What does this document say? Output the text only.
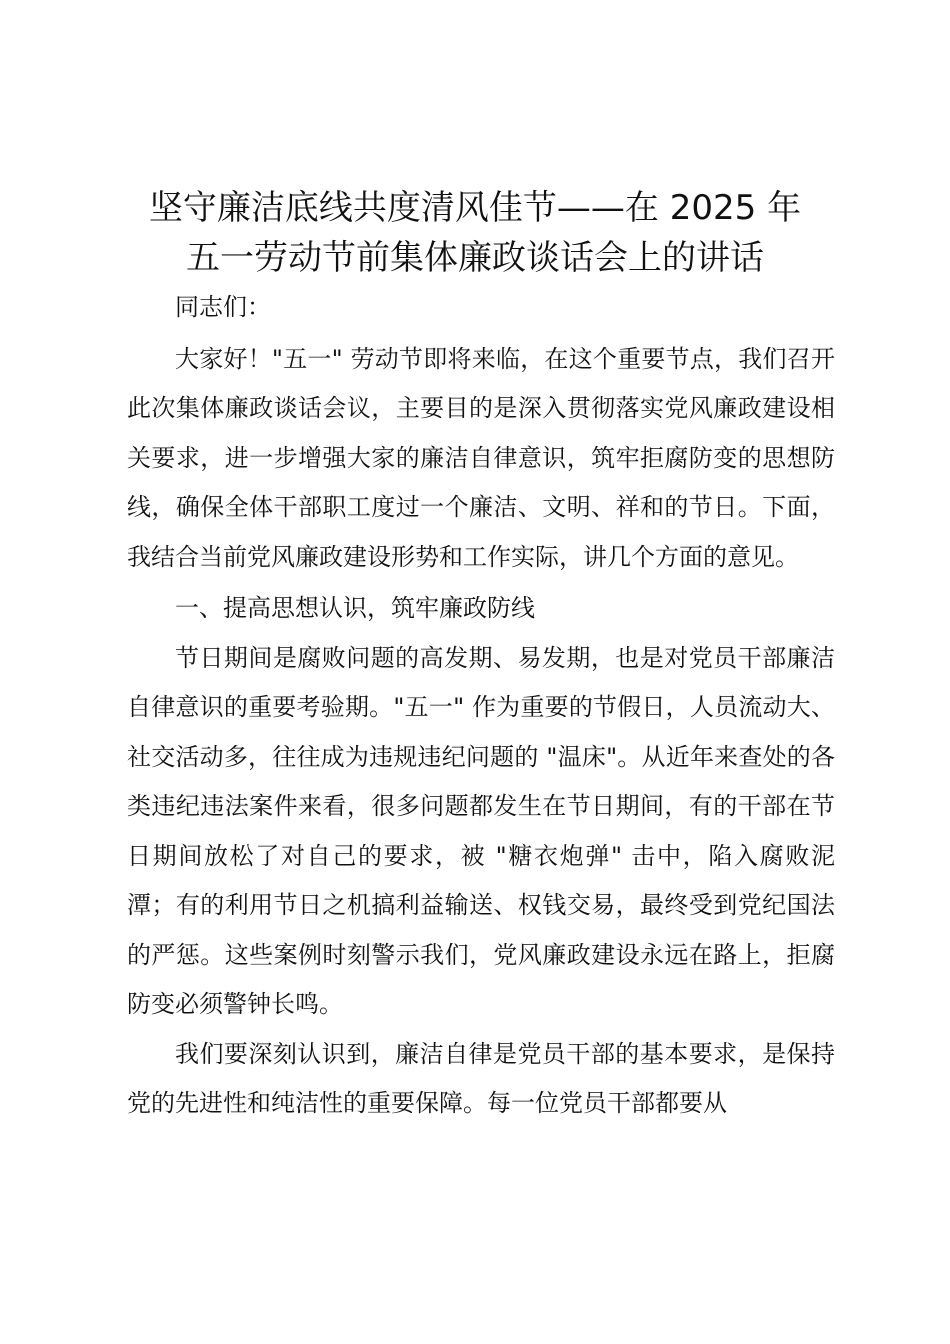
坚守廉洁底线共度清风佳节——在 2025 年
五一劳动节前集体廉政谈话会上的讲话

同志们：

大家好！"五一" 劳动节即将来临，在这个重要节点，我们召开此次集体廉政谈话会议，主要目的是深入贯彻落实党风廉政建设相关要求，进一步增强大家的廉洁自律意识，筑牢拒腐防变的思想防线，确保全体干部职工度过一个廉洁、文明、祥和的节日。下面，我结合当前党风廉政建设形势和工作实际，讲几个方面的意见。

一、提高思想认识，筑牢廉政防线

节日期间是腐败问题的高发期、易发期，也是对党员干部廉洁自律意识的重要考验期。"五一" 作为重要的节假日，人员流动大、社交活动多，往往成为违规违纪问题的 "温床"。从近年来查处的各类违纪违法案件来看，很多问题都发生在节日期间，有的干部在节日期间放松了对自己的要求，被 "糖衣炮弹" 击中，陷入腐败泥潭；有的利用节日之机搞利益输送、权钱交易，最终受到党纪国法的严惩。这些案例时刻警示我们，党风廉政建设永远在路上，拒腐防变必须警钟长鸣。

我们要深刻认识到，廉洁自律是党员干部的基本要求，是保持党的先进性和纯洁性的重要保障。每一位党员干部都要从
